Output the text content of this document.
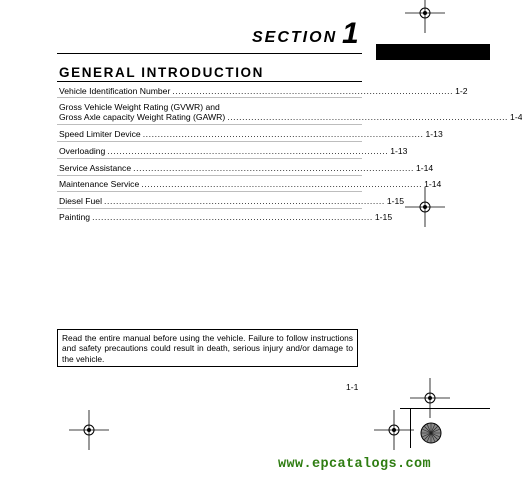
SECTION 1
GENERAL INTRODUCTION
Vehicle Identification Number .............................................................................................. 1-2
Gross Vehicle Weight Rating (GVWR) and
Gross Axle capacity Weight Rating (GAWR) .............................................................................................. 1-4
Speed Limiter Device .............................................................................................. 1-13
Overloading .............................................................................................. 1-13
Service Assistance .............................................................................................. 1-14
Maintenance Service .............................................................................................. 1-14
Diesel Fuel .............................................................................................. 1-15
Painting .............................................................................................. 1-15
Read the entire manual before using the vehicle. Failure to follow instructions and safety precautions could result in death, serious injury and/or damage to the vehicle.
1-1
www.epcatalogs.com
